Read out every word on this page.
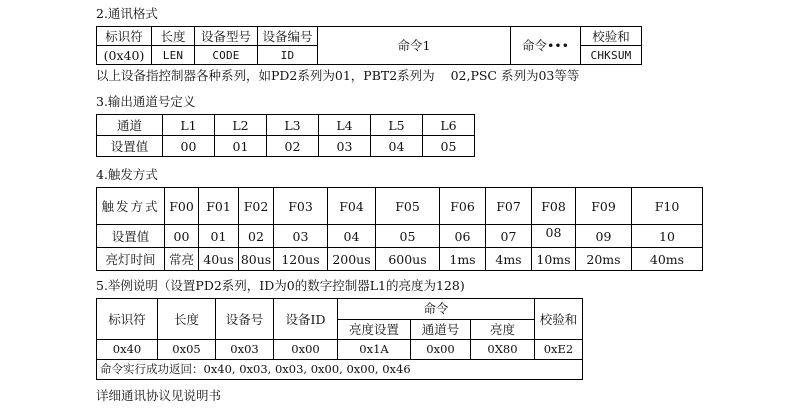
2.通讯格式
标识符	长度	设备型号	设备编号	命令1	命令•••	校验和
(0x40)	LEN	CODE	ID			CHKSUM
以上设备指控制器各种系列，如PD2系列为01，PBT2系列为    02,PSC 系列为03等等
3.输出通道号定义
通道	L1	L2	L3	L4	L5	L6
设置值	00	01	02	03	04	05
4.触发方式
触发方式	F00	F01	F02	F03	F04	F05	F06	F07	F08	F09	F10
设置值	00	01	02	03	04	05	06	07	08	09	10
亮灯时间	常亮	40us	80us	120us	200us	600us	1ms	4ms	10ms	20ms	40ms
5.举例说明（设置PD2系列，ID为0的数字控制器L1的亮度为128)
标识符	长度	设备号	设备ID	命令			校验和
				亮度设置	通道号	亮度	
0x40	0x05	0x03	0x00	0x1A	0x00	0X80	0xE2
命令实行成功返回：0x40, 0x03, 0x03, 0x00, 0x00, 0x46							
详细通讯协议见说明书
